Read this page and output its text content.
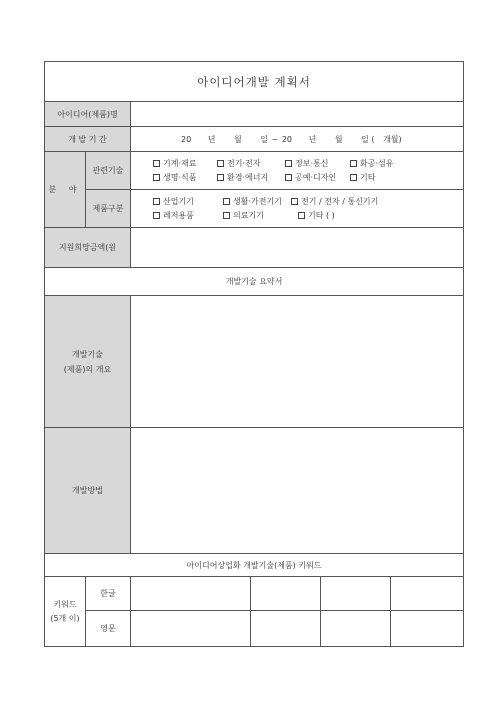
아이디어개발 계획서					
아이디어(제품)명					
개 발 기 간		20 년 월 일 ~ 20 년 월 일 ( 개월)			
분 야	관련기술	기계·재료 전기·전자 정보·통신 화공·섬유
생명·식품 환경·에너지 공예·디자인 기타			

	제품구분	산업기기 생활·가전기기 전기 / 전자 / 통신기기
레저용품 의료기기 기타 ( )			

지원희망금액(원					
개발기술 요약서					

개발기술
(제품)의 개요					

개발방법					
아이디어상업화 개발기술(제품) 키워드					

키워드
(5개 이)	한글				
	영문				
